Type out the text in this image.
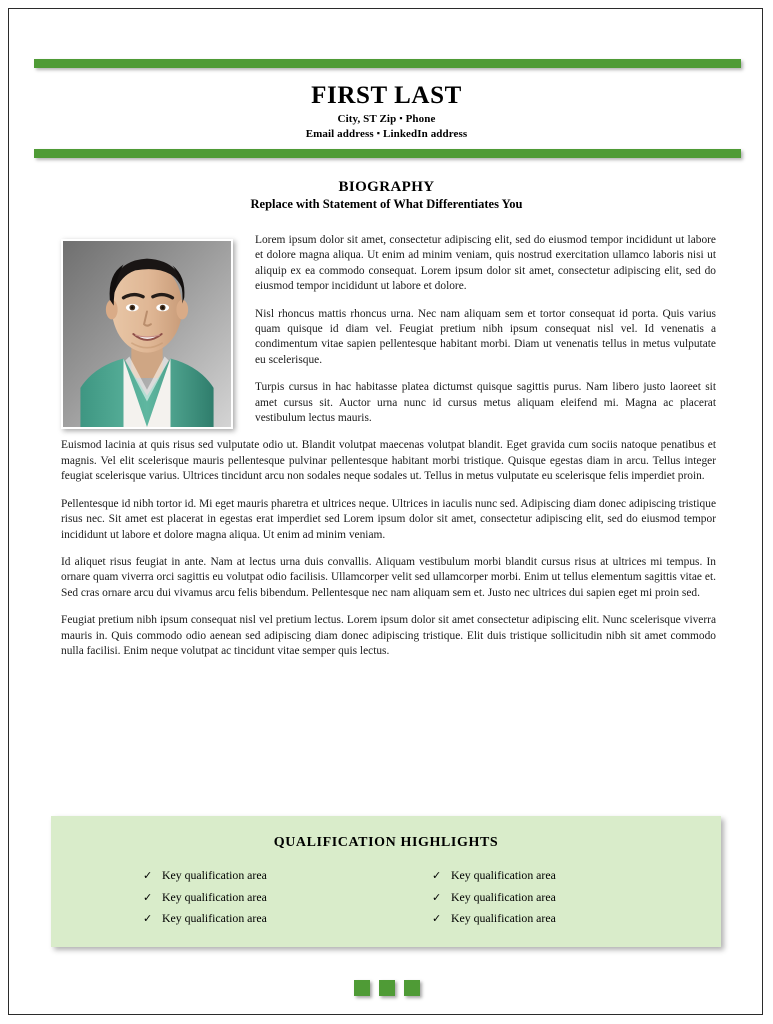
FIRST LAST
City, ST Zip ▪ Phone
Email address ▪ LinkedIn address
BIOGRAPHY
Replace with Statement of What Differentiates You

Lorem ipsum dolor sit amet, consectetur adipiscing elit, sed do eiusmod tempor incididunt ut labore et dolore magna aliqua. Ut enim ad minim veniam, quis nostrud exercitation ullamco laboris nisi ut aliquip ex ea commodo consequat. Lorem ipsum dolor sit amet, consectetur adipiscing elit, sed do eiusmod tempor incididunt ut labore et dolore.

Nisl rhoncus mattis rhoncus urna. Nec nam aliquam sem et tortor consequat id porta. Quis varius quam quisque id diam vel. Feugiat pretium nibh ipsum consequat nisl vel. Id venenatis a condimentum vitae sapien pellentesque habitant morbi. Diam ut venenatis tellus in metus vulputate eu scelerisque.

Turpis cursus in hac habitasse platea dictumst quisque sagittis purus. Nam libero justo laoreet sit amet cursus sit. Auctor urna nunc id cursus metus aliquam eleifend mi. Magna ac placerat vestibulum lectus mauris.

Euismod lacinia at quis risus sed vulputate odio ut. Blandit volutpat maecenas volutpat blandit. Eget gravida cum sociis natoque penatibus et magnis. Vel elit scelerisque mauris pellentesque pulvinar pellentesque habitant morbi tristique. Quisque egestas diam in arcu. Tellus integer feugiat scelerisque varius. Ultrices tincidunt arcu non sodales neque sodales ut. Tellus in metus vulputate eu scelerisque felis imperdiet proin.

Pellentesque id nibh tortor id. Mi eget mauris pharetra et ultrices neque. Ultrices in iaculis nunc sed. Adipiscing diam donec adipiscing tristique risus nec. Sit amet est placerat in egestas erat imperdiet sed Lorem ipsum dolor sit amet, consectetur adipiscing elit, sed do eiusmod tempor incididunt ut labore et dolore magna aliqua. Ut enim ad minim veniam.

Id aliquet risus feugiat in ante. Nam at lectus urna duis convallis. Aliquam vestibulum morbi blandit cursus risus at ultrices mi tempus. In ornare quam viverra orci sagittis eu volutpat odio facilisis. Ullamcorper velit sed ullamcorper morbi. Enim ut tellus elementum sagittis vitae et. Sed cras ornare arcu dui vivamus arcu felis bibendum. Pellentesque nec nam aliquam sem et. Justo nec ultrices dui sapien eget mi proin sed.

Feugiat pretium nibh ipsum consequat nisl vel pretium lectus. Lorem ipsum dolor sit amet consectetur adipiscing elit. Nunc scelerisque viverra mauris in. Quis commodo odio aenean sed adipiscing diam donec adipiscing tristique. Elit duis tristique sollicitudin nibh sit amet commodo nulla facilisi. Enim neque volutpat ac tincidunt vitae semper quis lectus.

QUALIFICATION HIGHLIGHTS
✓ Key qualification area	✓ Key qualification area
✓ Key qualification area	✓ Key qualification area
✓ Key qualification area	✓ Key qualification area
